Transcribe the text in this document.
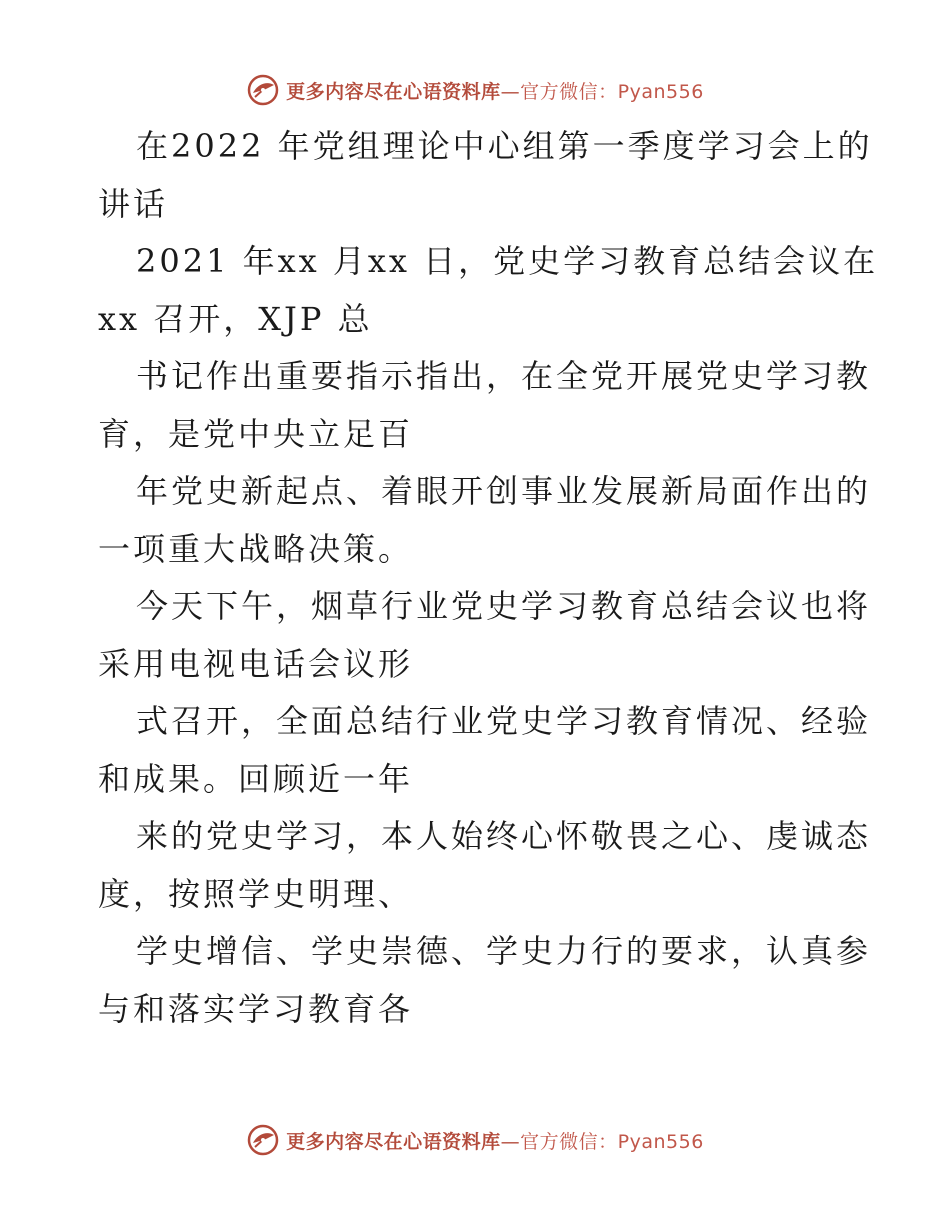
更多内容尽在心语资料库—官方微信：Pyan556
在2022 年党组理论中心组第一季度学习会上的
讲话
2021 年xx 月xx 日，党史学习教育总结会议在
xx 召开，XJP 总
书记作出重要指示指出，在全党开展党史学习教
育，是党中央立足百
年党史新起点、着眼开创事业发展新局面作出的
一项重大战略决策。
今天下午，烟草行业党史学习教育总结会议也将
采用电视电话会议形
式召开，全面总结行业党史学习教育情况、经验
和成果。回顾近一年
来的党史学习，本人始终心怀敬畏之心、虔诚态
度，按照学史明理、
学史增信、学史崇德、学史力行的要求，认真参
与和落实学习教育各
更多内容尽在心语资料库—官方微信：Pyan556
